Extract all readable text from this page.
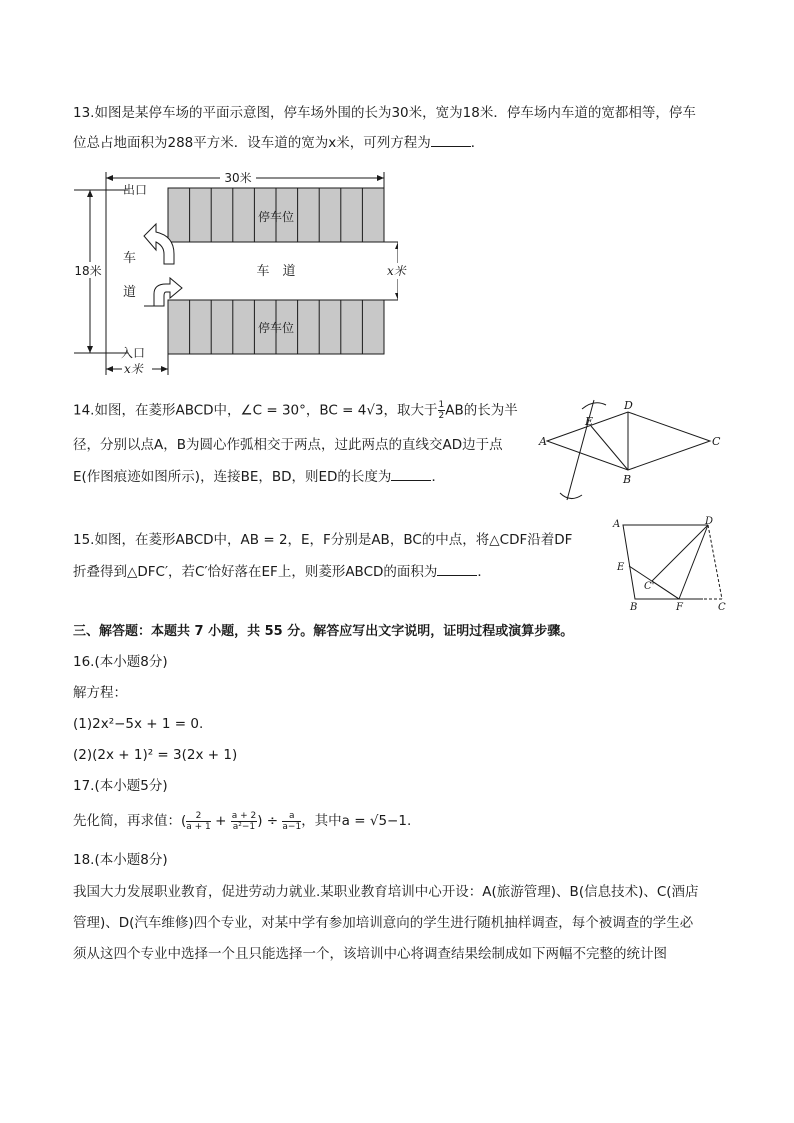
13.如图是某停车场的平面示意图，停车场外围的长为30米，宽为18米．停车场内车道的宽都相等，停车
位总占地面积为288平方米．设车道的宽为x米，可列方程为	．
30米
18米
出口
入口
停车位
停车位
车　道
车
道
x米
x米
14.如图，在菱形ABCD中，∠C = 30°，BC = 4√3，取大于 $\frac{1}{2}$ AB的长为半
径，分别以点A，B为圆心作弧相交于两点，过此两点的直线交AD边于点
E(作图痕迹如图所示)，连接BE，BD，则ED的长度为	．
A
B
C
D
E
15.如图，在菱形ABCD中，AB = 2，E，F分别是AB，BC的中点，将△CDF沿着DF
折叠得到△DFC′，若C′恰好落在EF上，则菱形ABCD的面积为	．
A
B	C
C'
D
E
F
三、解答题：本题共 7 小题，共 55 分。解答应写出文字说明，证明过程或演算步骤。
16.(本小题8分)
解方程：
(1)2x²−5x + 1 = 0.
(2)(2x + 1)² = 3(2x + 1)
17.(本小题5分)
先化简，再求值：( $\frac{2}{a + 1} + \frac{a + 2}{\text{a²−1}}$ ) ÷ $\frac{a}{a-1}$ ，其中a = √5−1.
18.(本小题8分)
我国大力发展职业教育，促进劳动力就业.某职业教育培训中心开设：A(旅游管理)、B(信息技术)、C(酒店
管理)、D(汽车维修)四个专业，对某中学有参加培训意向的学生进行随机抽样调查，每个被调查的学生必
须从这四个专业中选择一个且只能选择一个，该培训中心将调查结果绘制成如下两幅不完整的统计图
